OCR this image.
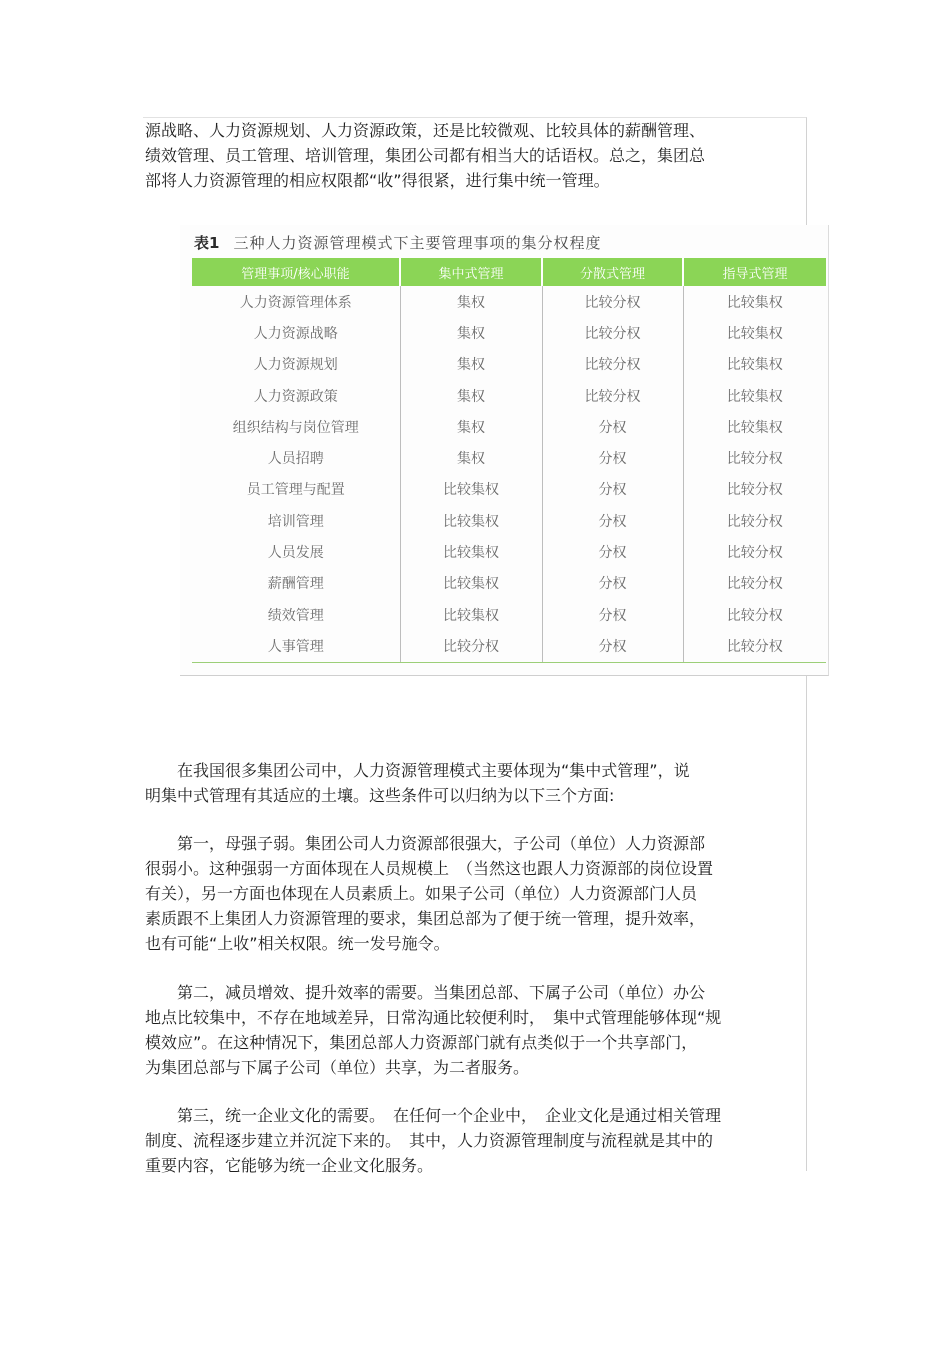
源战略、人力资源规划、人力资源政策，还是比较微观、比较具体的薪酬管理、
绩效管理、员工管理、培训管理，集团公司都有相当大的话语权。总之，集团总
部将人力资源管理的相应权限都“收”得很紧，进行集中统一管理。

表1 三种人力资源管理模式下主要管理事项的集分权程度
管理事项/核心职能	集中式管理	分散式管理	指导式管理
人力资源管理体系	集权	比较分权	比较集权
人力资源战略	集权	比较分权	比较集权
人力资源规划	集权	比较分权	比较集权
人力资源政策	集权	比较分权	比较集权
组织结构与岗位管理	集权	分权	比较集权
人员招聘	集权	分权	比较分权
员工管理与配置	比较集权	分权	比较分权
培训管理	比较集权	分权	比较分权
人员发展	比较集权	分权	比较分权
薪酬管理	比较集权	分权	比较分权
绩效管理	比较集权	分权	比较分权
人事管理	比较分权	分权	比较分权

　　在我国很多集团公司中，人力资源管理模式主要体现为“集中式管理”，说
明集中式管理有其适应的土壤。这些条件可以归纳为以下三个方面:

　　第一，母强子弱。集团公司人力资源部很强大，子公司（单位）人力资源部
很弱小。这种强弱一方面体现在人员规模上　（当然这也跟人力资源部的岗位设置
有关），另一方面也体现在人员素质上。如果子公司（单位）人力资源部门人员
素质跟不上集团人力资源管理的要求，集团总部为了便于统一管理，提升效率，
也有可能“上收”相关权限。统一发号施令。

　　第二，减员增效、提升效率的需要。当集团总部、下属子公司（单位）办公
地点比较集中，不存在地域差异，日常沟通比较便利时，　集中式管理能够体现“规
模效应”。在这种情况下，集团总部人力资源部门就有点类似于一个共享部门，
为集团总部与下属子公司（单位）共享，为二者服务。

　　第三，统一企业文化的需要。　在任何一个企业中，　企业文化是通过相关管理
制度、流程逐步建立并沉淀下来的。　其中，人力资源管理制度与流程就是其中的
重要内容，它能够为统一企业文化服务。
